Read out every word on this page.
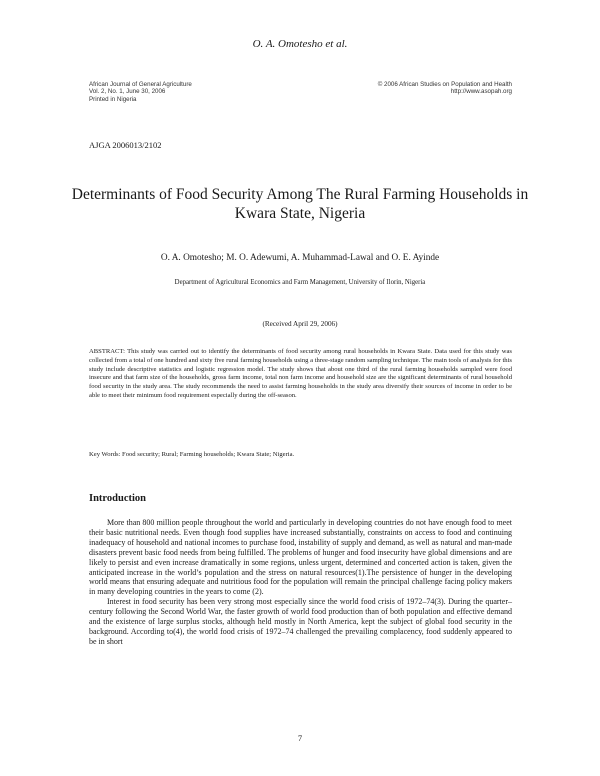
O. A. Omotesho et al.
African Journal of General Agriculture
Vol. 2, No. 1, June 30, 2006
Printed in Nigeria
© 2006 African Studies on Population and Health
http://www.asopah.org
AJGA 2006013/2102
Determinants of Food Security Among The Rural Farming Households in Kwara State, Nigeria
O. A. Omotesho; M. O. Adewumi, A. Muhammad-Lawal and O. E. Ayinde
Department of Agricultural Economics and Farm Management, University of Ilorin, Nigeria
(Received April 29, 2006)

ABSTRACT: This study was carried out to identify the determinants of food security among rural households in Kwara State. Data used for this study was collected from a total of one hundred and sixty five rural farming households using a three-stage random sampling technique. The main tools of analysis for this study include descriptive statistics and logistic regression model. The study shows that about one third of the rural farming households sampled were food insecure and that farm size of the households, gross farm income, total non farm income and household size are the significant determinants of rural household food security in the study area. The study recommends the need to assist farming households in the study area diversify their sources of income in order to be able to meet their minimum food requirement especially during the off-season.

Key Words: Food security; Rural; Farming households; Kwara State; Nigeria.

Introduction

More than 800 million people throughout the world and particularly in developing countries do not have enough food to meet their basic nutritional needs. Even though food supplies have increased substantially, constraints on access to food and continuing inadequacy of household and national incomes to purchase food, instability of supply and demand, as well as natural and man-made disasters prevent basic food needs from being fulfilled. The problems of hunger and food insecurity have global dimensions and are likely to persist and even increase dramatically in some regions, unless urgent, determined and concerted action is taken, given the anticipated increase in the world’s population and the stress on natural resources(1).The persistence of hunger in the developing world means that ensuring adequate and nutritious food for the population will remain the principal challenge facing policy makers in many developing countries in the years to come (2).

Interest in food security has been very strong most especially since the world food crisis of 1972–74(3). During the quarter–century following the Second World War, the faster growth of world food production than of both population and effective demand and the existence of large surplus stocks, although held mostly in North America, kept the subject of global food security in the background. According to(4), the world food crisis of 1972–74 challenged the prevailing complacency, food suddenly appeared to be in short

7
